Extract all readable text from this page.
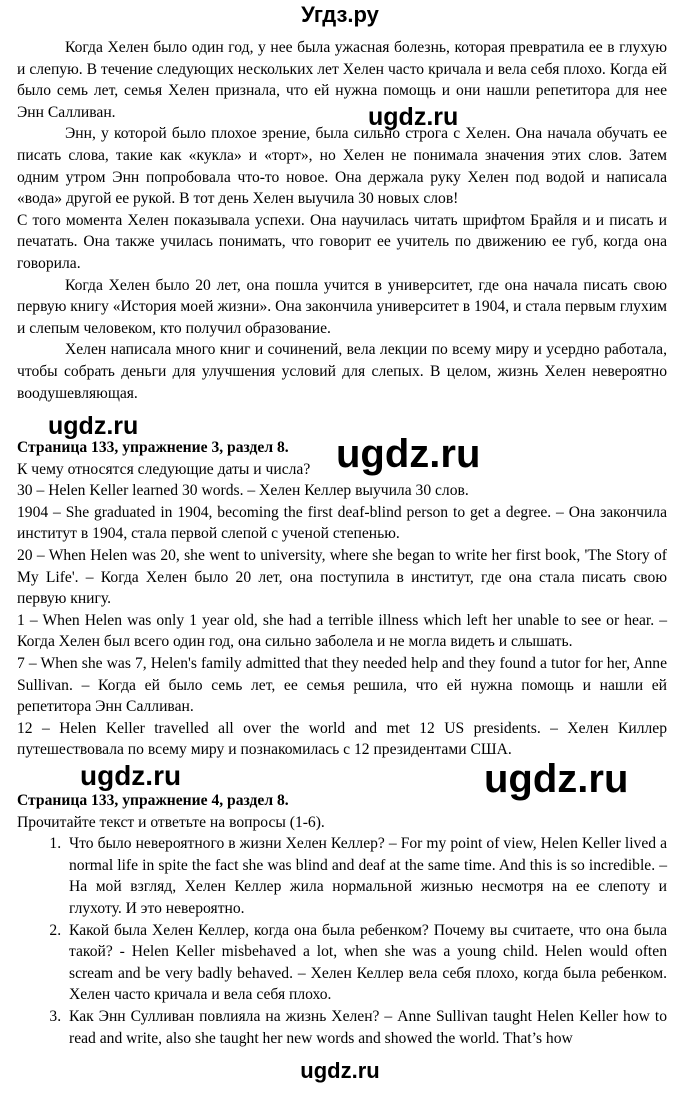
Угдз.ру

Когда Хелен было один год, у нее была ужасная болезнь, которая превратила ее в глухую и слепую. В течение следующих нескольких лет Хелен часто кричала и вела себя плохо. Когда ей было семь лет, семья Хелен признала, что ей нужна помощь и они нашли репетитора для нее Энн Салливан.

Энн, у которой было плохое зрение, была сильно строга с Хелен. Она начала обучать ее писать слова, такие как «кукла» и «торт», но Хелен не понимала значения этих слов. Затем одним утром Энн попробовала что-то новое. Она держала руку Хелен под водой и написала «вода» другой ее рукой. В тот день Хелен выучила 30 новых слов!

С того момента Хелен показывала успехи. Она научилась читать шрифтом Брайля и и писать и печатать. Она также училась понимать, что говорит ее учитель по движению ее губ, когда она говорила.

Когда Хелен было 20 лет, она пошла учится в университет, где она начала писать свою первую книгу «История моей жизни». Она закончила университет в 1904, и стала первым глухим и слепым человеком, кто получил образование.

Хелен написала много книг и сочинений, вела лекции по всему миру и усердно работала, чтобы собрать деньги для улучшения условий для слепых. В целом, жизнь Хелен невероятно воодушевляющая.

Страница 133, упражнение 3, раздел 8.

К чему относятся следующие даты и числа?

30 – Helen Keller learned 30 words. – Хелен Келлер выучила 30 слов.

1904 – She graduated in 1904, becoming the first deaf-blind person to get a degree. – Она закончила институт в 1904, стала первой слепой с ученой степенью.

20 – When Helen was 20, she went to university, where she began to write her first book, 'The Story of My Life'. – Когда Хелен было 20 лет, она поступила в институт, где она стала писать свою первую книгу.

1 – When Helen was only 1 year old, she had a terrible illness which left her unable to see or hear. – Когда Хелен был всего один год, она сильно заболела и не могла видеть и слышать.

7 – When she was 7, Helen's family admitted that they needed help and they found a tutor for her, Anne Sullivan. – Когда ей было семь лет, ее семья решила, что ей нужна помощь и нашли ей репетитора Энн Салливан.

12 – Helen Keller travelled all over the world and met 12 US presidents. – Хелен Киллер путешествовала по всему миру и познакомилась с 12 президентами США.

Страница 133, упражнение 4, раздел 8.

Прочитайте текст и ответьте на вопросы (1-6).

1. Что было невероятного в жизни Хелен Келлер? – For my point of view, Helen Keller lived a normal life in spite the fact she was blind and deaf at the same time. And this is so incredible. – На мой взгляд, Хелен Келлер жила нормальной жизнью несмотря на ее слепоту и глухоту. И это невероятно.
2. Какой была Хелен Келлер, когда она была ребенком? Почему вы считаете, что она была такой? - Helen Keller misbehaved a lot, when she was a young child. Helen would often scream and be very badly behaved. – Хелен Келлер вела себя плохо, когда была ребенком. Хелен часто кричала и вела себя плохо.
3. Как Энн Сулливан повлияла на жизнь Хелен? – Anne Sullivan taught Helen Keller how to read and write, also she taught her new words and showed the world. That’s how
ugdz.ru
ugdz.ru
ugdz.ru
ugdz.ru	ugdz.ru
ugdz.ru
